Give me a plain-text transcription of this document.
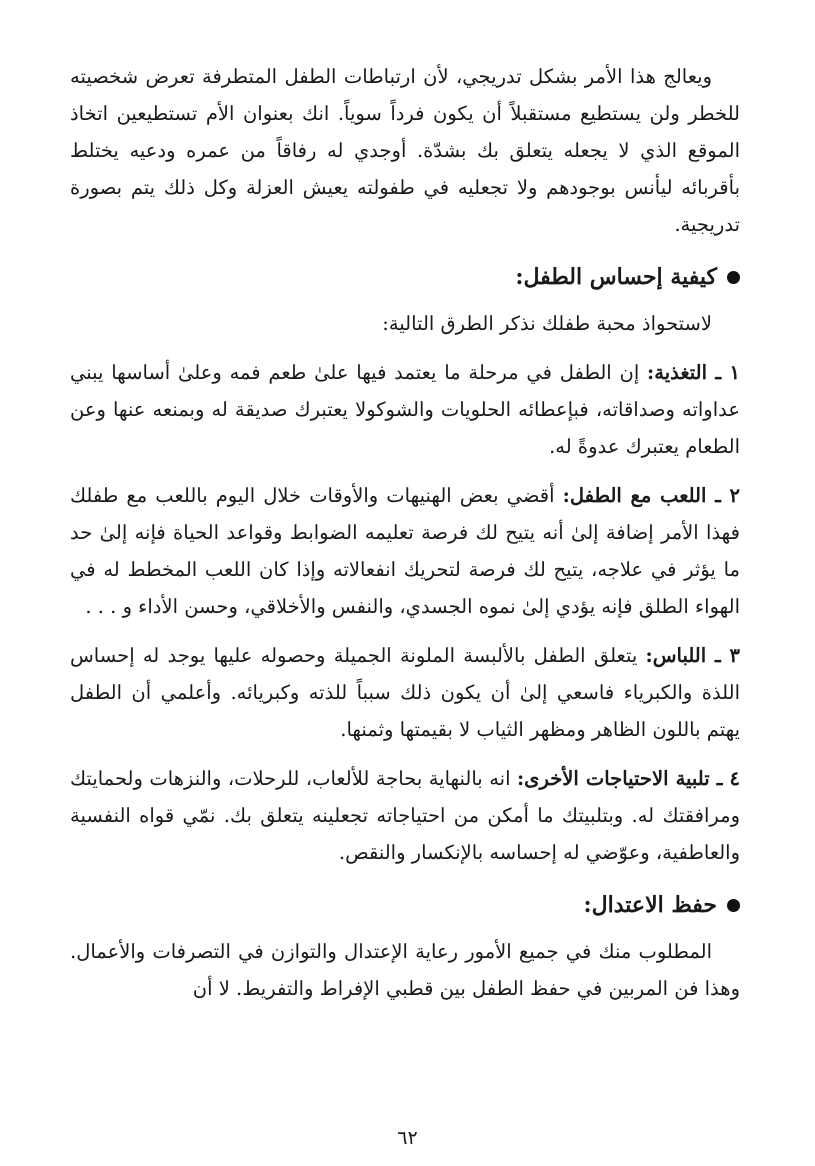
ويعالج هذا الأمر بشكل تدريجي، لأن ارتباطات الطفل المتطرفة تعرض شخصيته للخطر ولن يستطيع مستقبلاً أن يكون فرداً سوياً. انك بعنوان الأم تستطيعين اتخاذ الموقع الذي لا يجعله يتعلق بك بشدّة. أوجدي له رفاقاً من عمره ودعيه يختلط بأقربائه ليأنس بوجودهم ولا تجعليه في طفولته يعيش العزلة وكل ذلك يتم بصورة تدريجية.

كيفية إحساس الطفل:

لاستحواذ محبة طفلك نذكر الطرق التالية:

١ ـ التغذية: إن الطفل في مرحلة ما يعتمد فيها علىٰ طعم فمه وعلىٰ أساسها يبني عداواته وصداقاته، فبإعطائه الحلويات والشوكولا يعتبرك صديقة له وبمنعه عنها وعن الطعام يعتبرك عدوةً له.

٢ ـ اللعب مع الطفل: أقضي بعض الهنيهات والأوقات خلال اليوم باللعب مع طفلك فهذا الأمر إضافة إلىٰ أنه يتيح لك فرصة تعليمه الضوابط وقواعد الحياة فإنه إلىٰ حد ما يؤثر في علاجه، يتيح لك فرصة لتحريك انفعالاته وإذا كان اللعب المخطط له في الهواء الطلق فإنه يؤدي إلىٰ نموه الجسدي، والنفس والأخلاقي، وحسن الأداء و . . .

٣ ـ اللباس: يتعلق الطفل بالألبسة الملونة الجميلة وحصوله عليها يوجد له إحساس اللذة والكبرياء فاسعي إلىٰ أن يكون ذلك سبباً للذته وكبريائه. وأعلمي أن الطفل يهتم باللون الظاهر ومظهر الثياب لا بقيمتها وثمنها.

٤ ـ تلبية الاحتياجات الأخرى: انه بالنهاية بحاجة للألعاب، للرحلات، والنزهات ولحمايتك ومرافقتك له. وبتلبيتك ما أمكن من احتياجاته تجعلينه يتعلق بك. نمّي قواه النفسية والعاطفية، وعوّضي له إحساسه بالإنكسار والنقص.

حفظ الاعتدال:

المطلوب منك في جميع الأمور رعاية الإعتدال والتوازن في التصرفات والأعمال. وهذا فن المربين في حفظ الطفل بين قطبي الإفراط والتفريط. لا أن

٦٢
